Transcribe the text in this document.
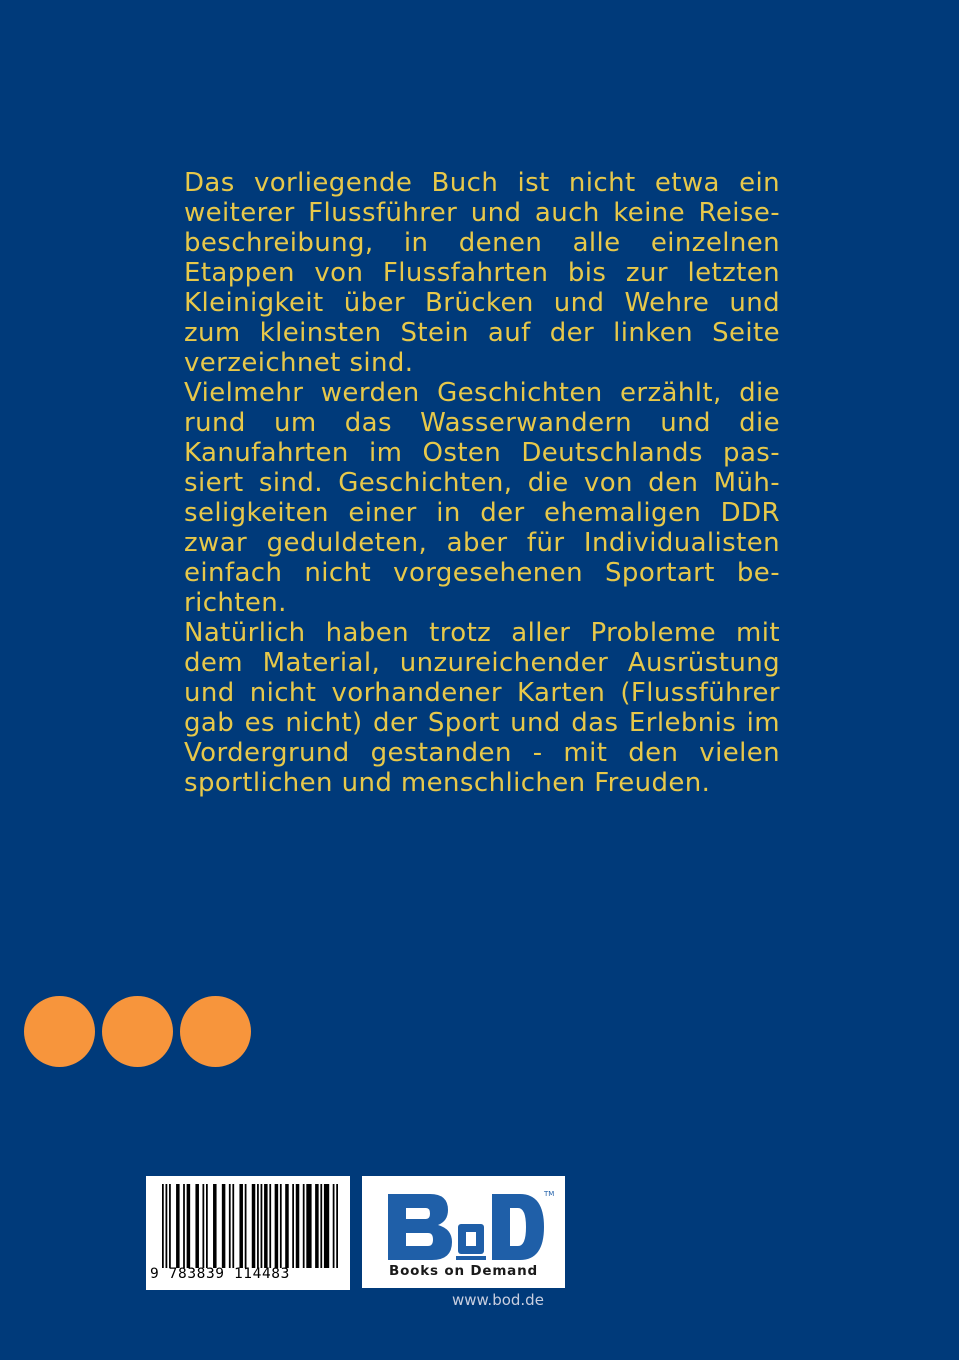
Das vorliegende Buch ist nicht etwa ein
weiterer Flussführer und auch keine Reise-
beschreibung, in denen alle einzelnen
Etappen von Flussfahrten bis zur letzten
Kleinigkeit über Brücken und Wehre und
zum kleinsten Stein auf der linken Seite
verzeichnet sind.
Vielmehr werden Geschichten erzählt, die
rund um das Wasserwandern und die
Kanufahrten im Osten Deutschlands pas-
siert sind. Geschichten, die von den Müh-
seligkeiten einer in der ehemaligen DDR
zwar geduldeten, aber für Individualisten
einfach nicht vorgesehenen Sportart be-
richten.
Natürlich haben trotz aller Probleme mit
dem Material, unzureichender Ausrüstung
und nicht vorhandener Karten (Flussführer
gab es nicht) der Sport und das Erlebnis im
Vordergrund gestanden - mit den vielen
sportlichen und menschlichen Freuden.
9 783839 114483
TM
Books on Demand
www.bod.de
